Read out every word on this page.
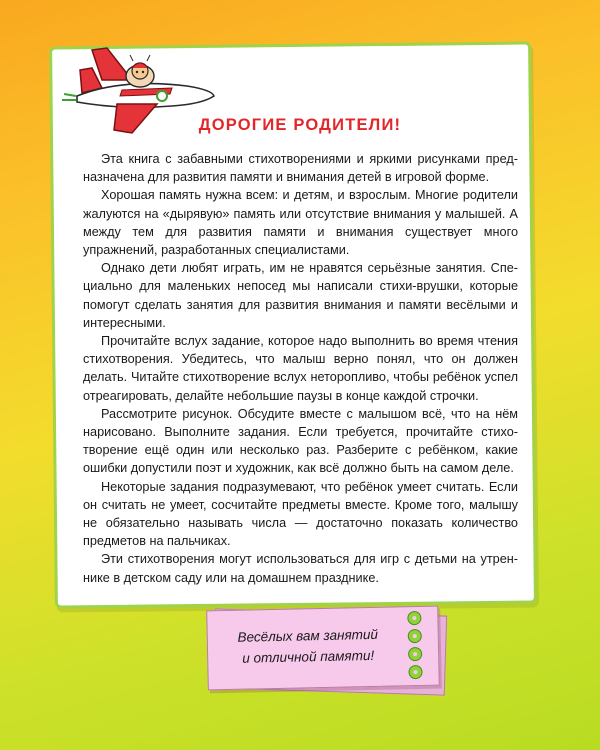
ДОРОГИЕ РОДИТЕЛИ!

Эта книга с забавными стихотворениями и яркими рисунками предназначена для развития памяти и внимания детей в игровой форме.

Хорошая память нужна всем: и детям, и взрослым. Многие родители жалуются на «дырявую» память или отсутствие внимания у малышей. А между тем для развития памяти и внимания существует много упражнений, разработанных специалистами.

Однако дети любят играть, им не нравятся серьёзные занятия. Специально для маленьких непосед мы написали стихи-врушки, которые помогут сделать занятия для развития внимания и памяти весёлыми и интересными.

Прочитайте вслух задание, которое надо выполнить во время чтения стихотворения. Убедитесь, что малыш верно понял, что он должен делать. Читайте стихотворение вслух неторопливо, чтобы ребёнок успел отреагировать, делайте небольшие паузы в конце каждой строчки.

Рассмотрите рисунок. Обсудите вместе с малышом всё, что на нём нарисовано. Выполните задания. Если требуется, прочитайте стихотворение ещё один или несколько раз. Разберите с ребёнком, какие ошибки допустили поэт и художник, как всё должно быть на самом деле.

Некоторые задания подразумевают, что ребёнок умеет считать. Если он считать не умеет, сосчитайте предметы вместе. Кроме того, малышу не обязательно называть числа — достаточно показать количество предметов на пальчиках.

Эти стихотворения могут использоваться для игр с детьми на утреннике в детском саду или на домашнем празднике.

Весёлых вам занятий
и отличной памяти!
